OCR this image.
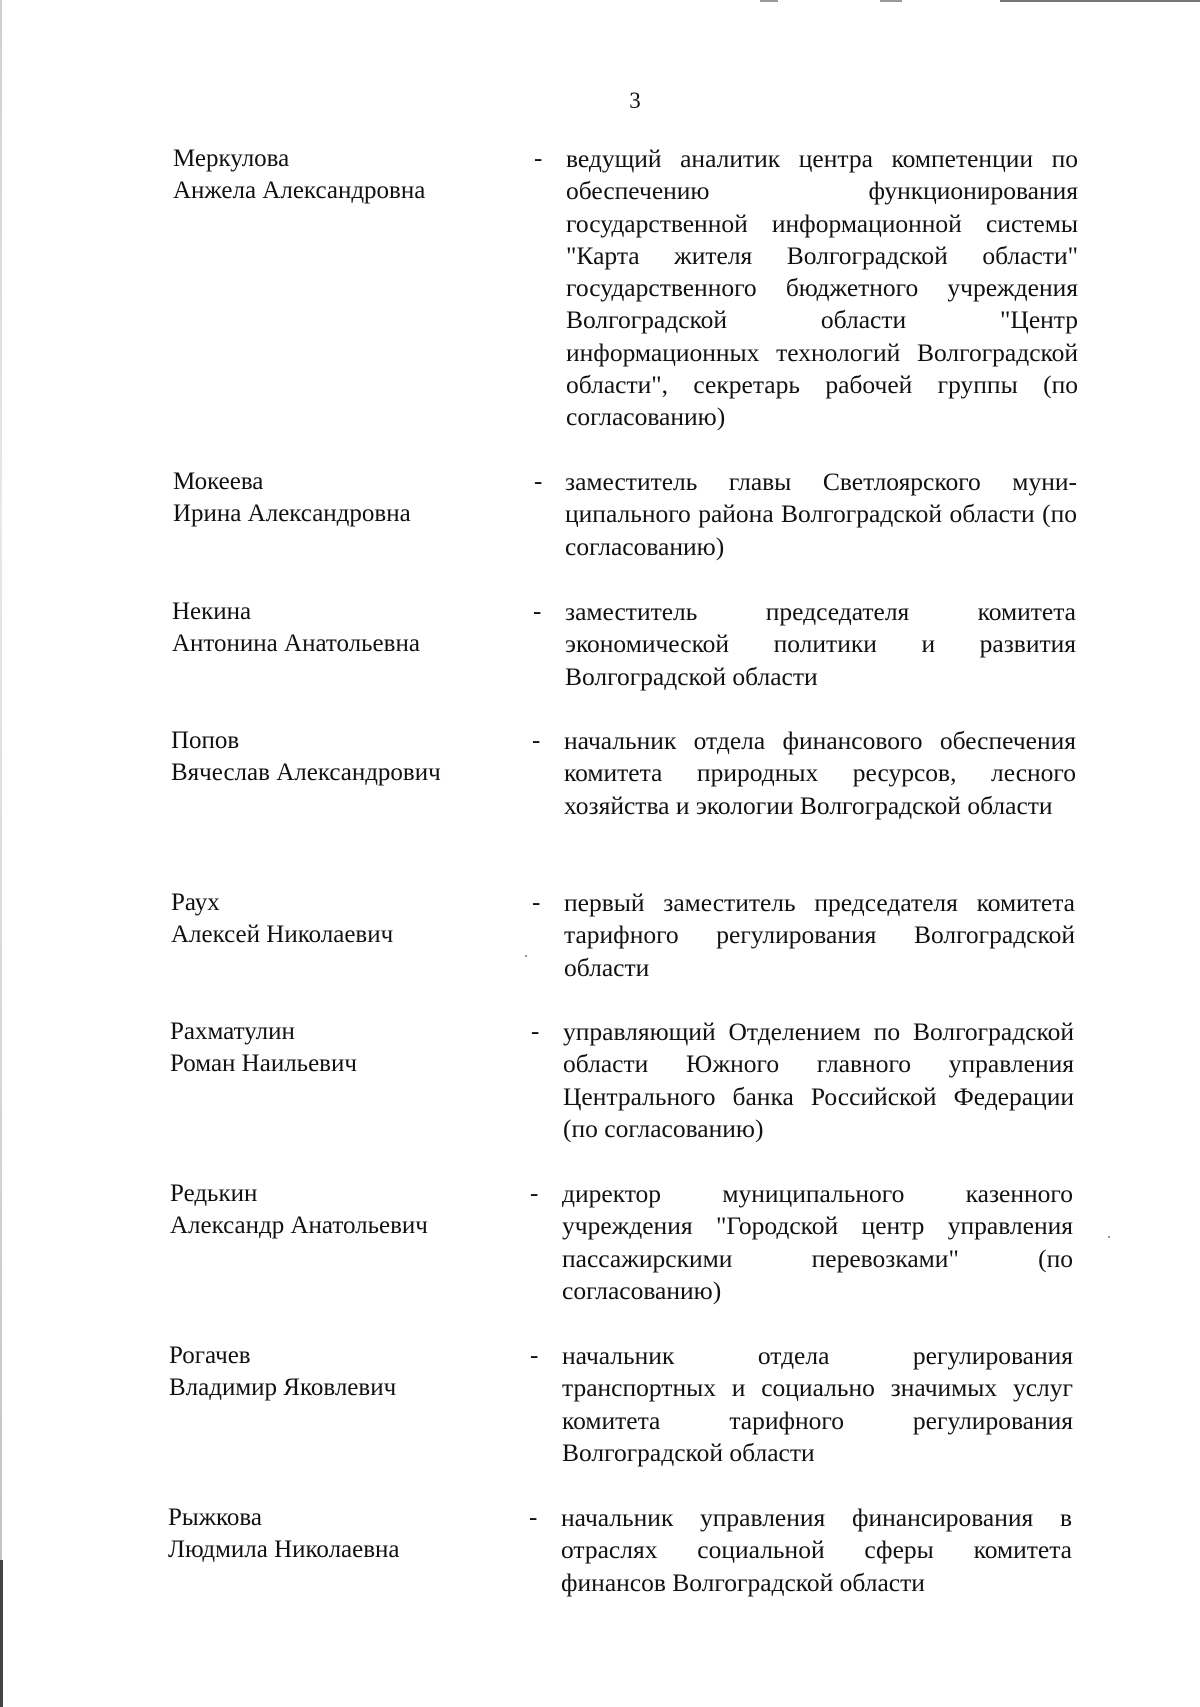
3
Меркулова
Анжела Александровна
- ведущий аналитик центра компетенции по обеспечению функционирования государственной информационной системы "Карта жителя Волгоградской области" государственного бюджетного учреждения Волгоградской области "Центр информационных технологий Волгоградской области", секретарь рабочей группы (по согласованию)
Мокеева
Ирина Александровна
- заместитель главы Светлоярского муниципального района Волгоградской области (по согласованию)
Некина
Антонина Анатольевна
- заместитель председателя комитета экономической политики и развития Волгоградской области
Попов
Вячеслав Александрович
- начальник отдела финансового обеспечения комитета природных ресурсов, лесного хозяйства и экологии Волгоградской области
Раух
Алексей Николаевич
- первый заместитель председателя комитета тарифного регулирования Волгоградской области
Рахматулин
Роман Наильевич
- управляющий Отделением по Волгоградской области Южного главного управления Центрального банка Российской Федерации (по согласованию)
Редькин
Александр Анатольевич
- директор муниципального казенного учреждения "Городской центр управления пассажирскими перевозками" (по согласованию)
Рогачев
Владимир Яковлевич
- начальник отдела регулирования транспортных и социально значимых услуг комитета тарифного регулирования Волгоградской области
Рыжкова
Людмила Николаевна
- начальник управления финансирования в отраслях социальной сферы комитета финансов Волгоградской области
